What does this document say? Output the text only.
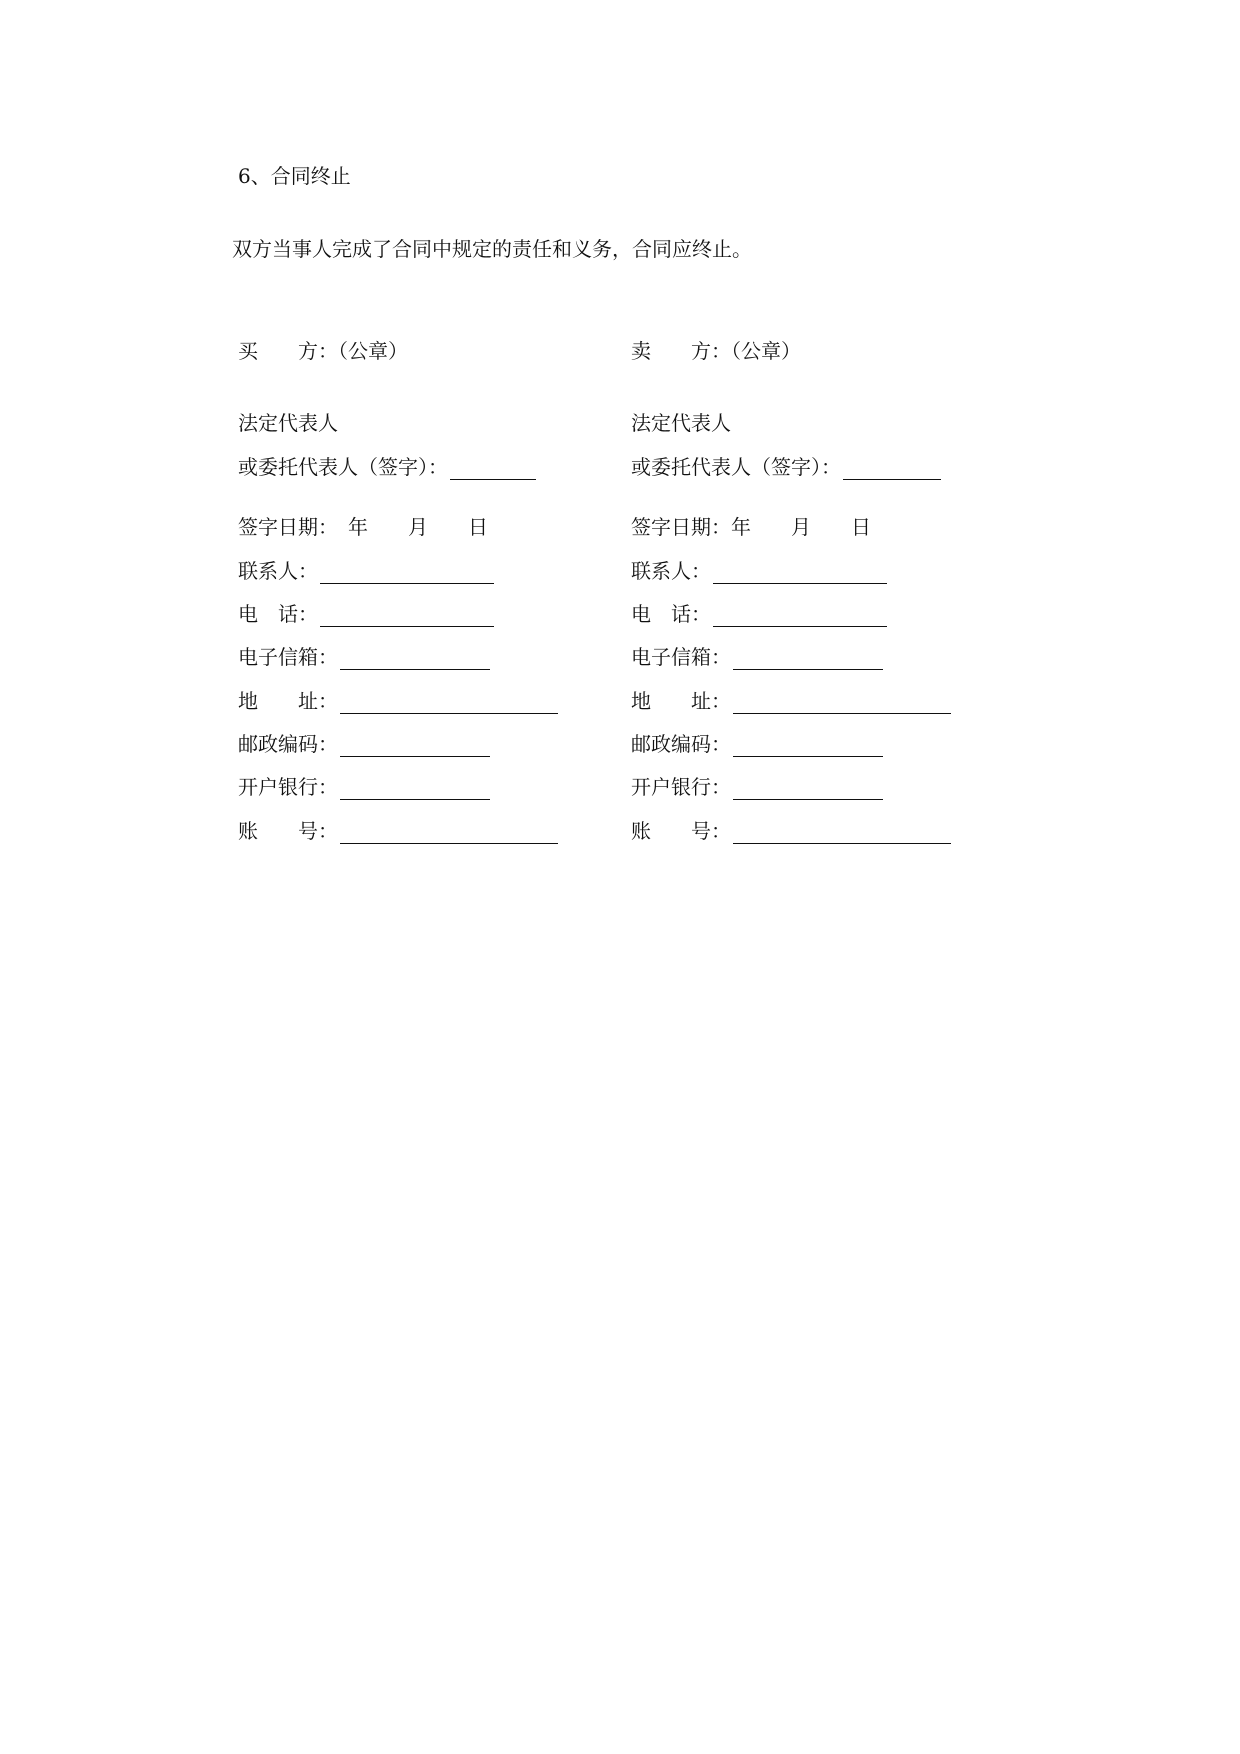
6、合同终止
双方当事人完成了合同中规定的责任和义务，合同应终止。
买　　方：（公章）
法定代表人
或委托代表人（签字）：
签字日期：　年　　月　　日
联系人：
电　话：
电子信箱：
地　　址：
邮政编码：
开户银行：
账　　号：
卖　　方：（公章）
法定代表人
或委托代表人（签字）：
签字日期：年　　月　　日
联系人：
电　话：
电子信箱：
地　　址：
邮政编码：
开户银行：
账　　号：
